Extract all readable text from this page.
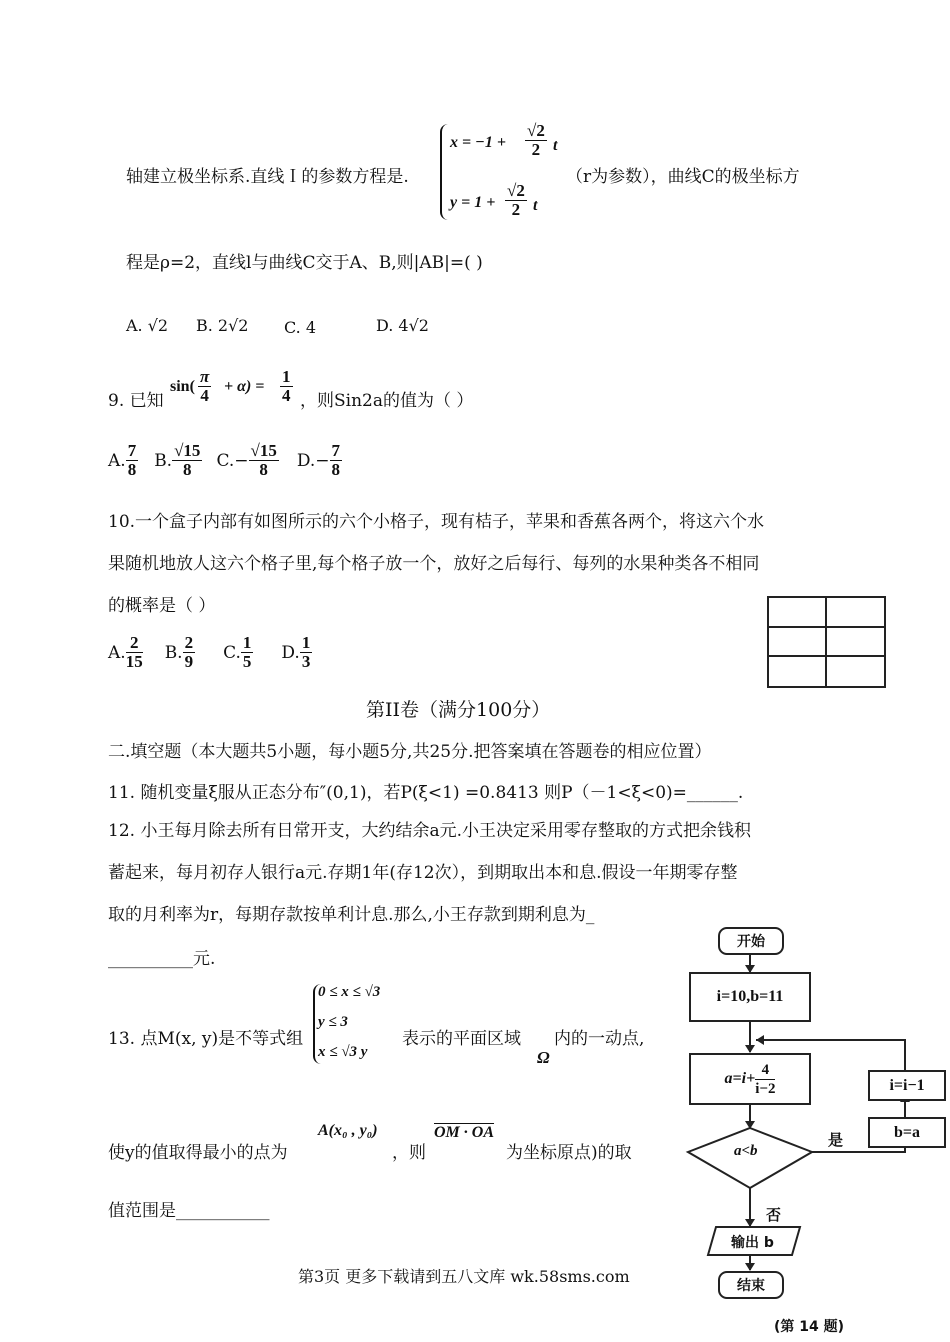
轴建立极坐标系.直线Ｉ的参数方程是.
$x = -1 + \frac{√2}{2}$ t
$y = 1 + \frac{√2}{2}$ t
（r为参数），曲线C的极坐标方
程是ρ=2，直线l与曲线C交于A、B,则|AB|=( )
A. √2 B. 2√2 C. 4	D. 4√2
9. 已知
$\sin( \frac{\pi}{4} + \alpha) = \frac{1}{4}$ ，则Sin2a的值为（ ）
A. $\frac{7}{8} B$. $\frac{√15}{8} C.- \frac{√15}{8} D.- \frac{7}{8}$
10.一个盒子内部有如图所示的六个小格子，现有桔子，苹果和香蕉各两个，将这六个水
果随机地放人这六个格子里,每个格子放一个，放好之后每行、每列的水果种类各不相同
的概率是（ ）
A. $\frac{2}{15} B$. $\frac{2}{9} C$. $\frac{1}{5} D$. $\frac{1}{3}$
第II卷（满分100分）
二.填空题（本大题共5小题，每小题5分,共25分.把答案填在答题卷的相应位置）
11. 随机变量ξ服从正态分布″(0,1)，若P(ξ<1) =0.8413 则P（－1<ξ<0)=______.
12. 小王每月除去所有日常开支，大约结余a元.小王决定采用零存整取的方式把余钱积
蓄起来，每月初存人银行a元.存期1年(存12次），到期取出本和息.假设一年期零存整
取的月利率为r，每期存款按单利计息.那么,小王存款到期利息为_
__________元.
13. 点M(x, y)是不等式组
0 ≤ x ≤ √3
y ≤ 3
x ≤ √3 y
表示的平面区域
Ω
内的一动点,
使y的值取得最小的点为
A(x₀ , y₀)
，则
OM · OA
为坐标原点)的取
值范围是___________
开始
i=10,b=11
$a=i+ \frac{4}{i-2}$	i=i−1
b=a
a<b
是
否
输出 b
结束
(第 14 题)
第3页 更多下载请到五八文库 wk.58sms.com
